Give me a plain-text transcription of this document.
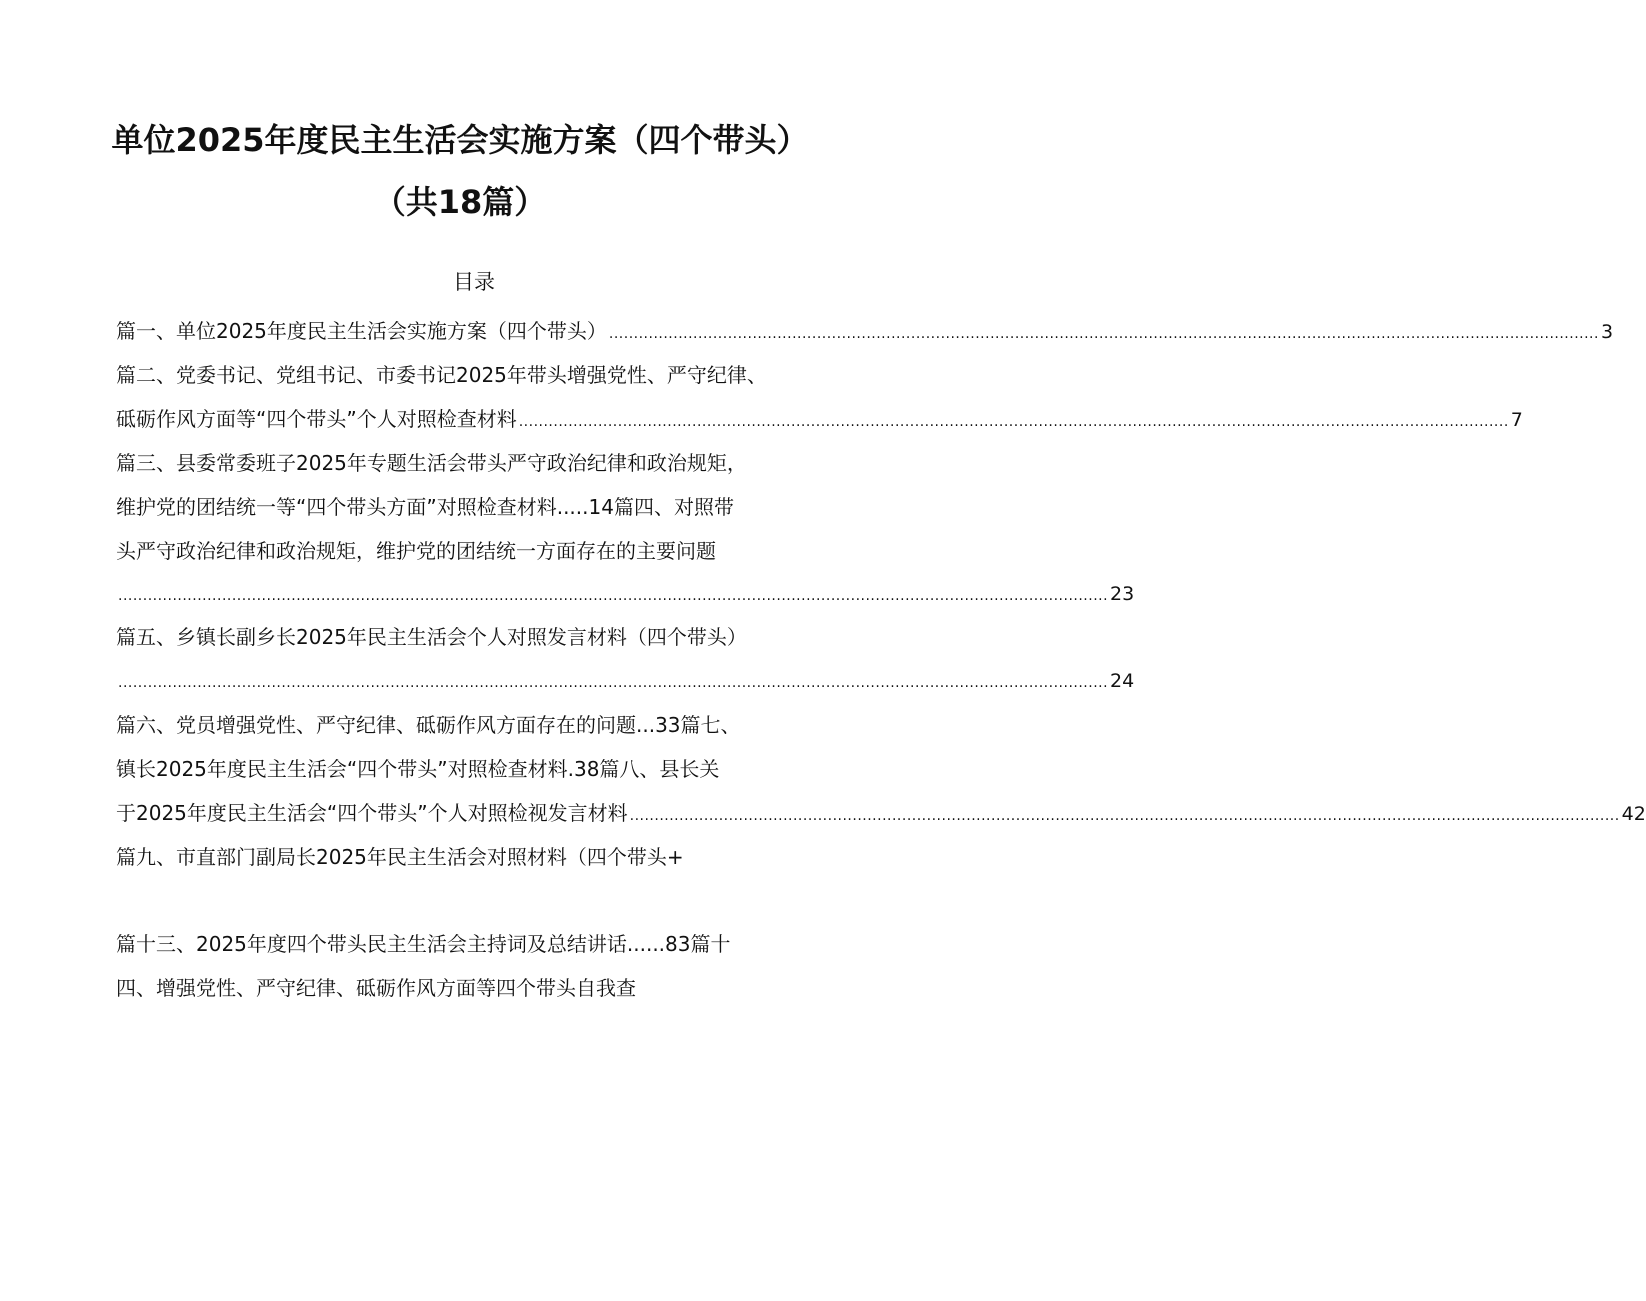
单位2025年度民主生活会实施方案（四个带头）
（共18篇）
目录
篇一、单位2025年度民主生活会实施方案（四个带头） ........................................................................................................................................................................................................ 3
篇二、党委书记、党组书记、市委书记2025年带头增强党性、严守纪律、
砥砺作风方面等“四个带头”个人对照检查材料 ........................................................................................................................................................................................................ 7
篇三、县委常委班子2025年专题生活会带头严守政治纪律和政治规矩，
维护党的团结统一等“四个带头方面”对照检查材料.....14篇四、对照带
头严守政治纪律和政治规矩，维护党的团结统一方面存在的主要问题
........................................................................................................................................................................................................ 23
篇五、乡镇长副乡长2025年民主生活会个人对照发言材料（四个带头）
........................................................................................................................................................................................................ 24
篇六、党员增强党性、严守纪律、砥砺作风方面存在的问题...33篇七、
镇长2025年度民主生活会“四个带头”对照检查材料.38篇八、县长关
于2025年度民主生活会“四个带头”个人对照检视发言材料 ........................................................................................................................................................................................................ 42
篇九、市直部门副局长2025年民主生活会对照材料（四个带头+
篇十三、2025年度四个带头民主生活会主持词及总结讲话......83篇十
四、增强党性、严守纪律、砥砺作风方面等四个带头自我查
